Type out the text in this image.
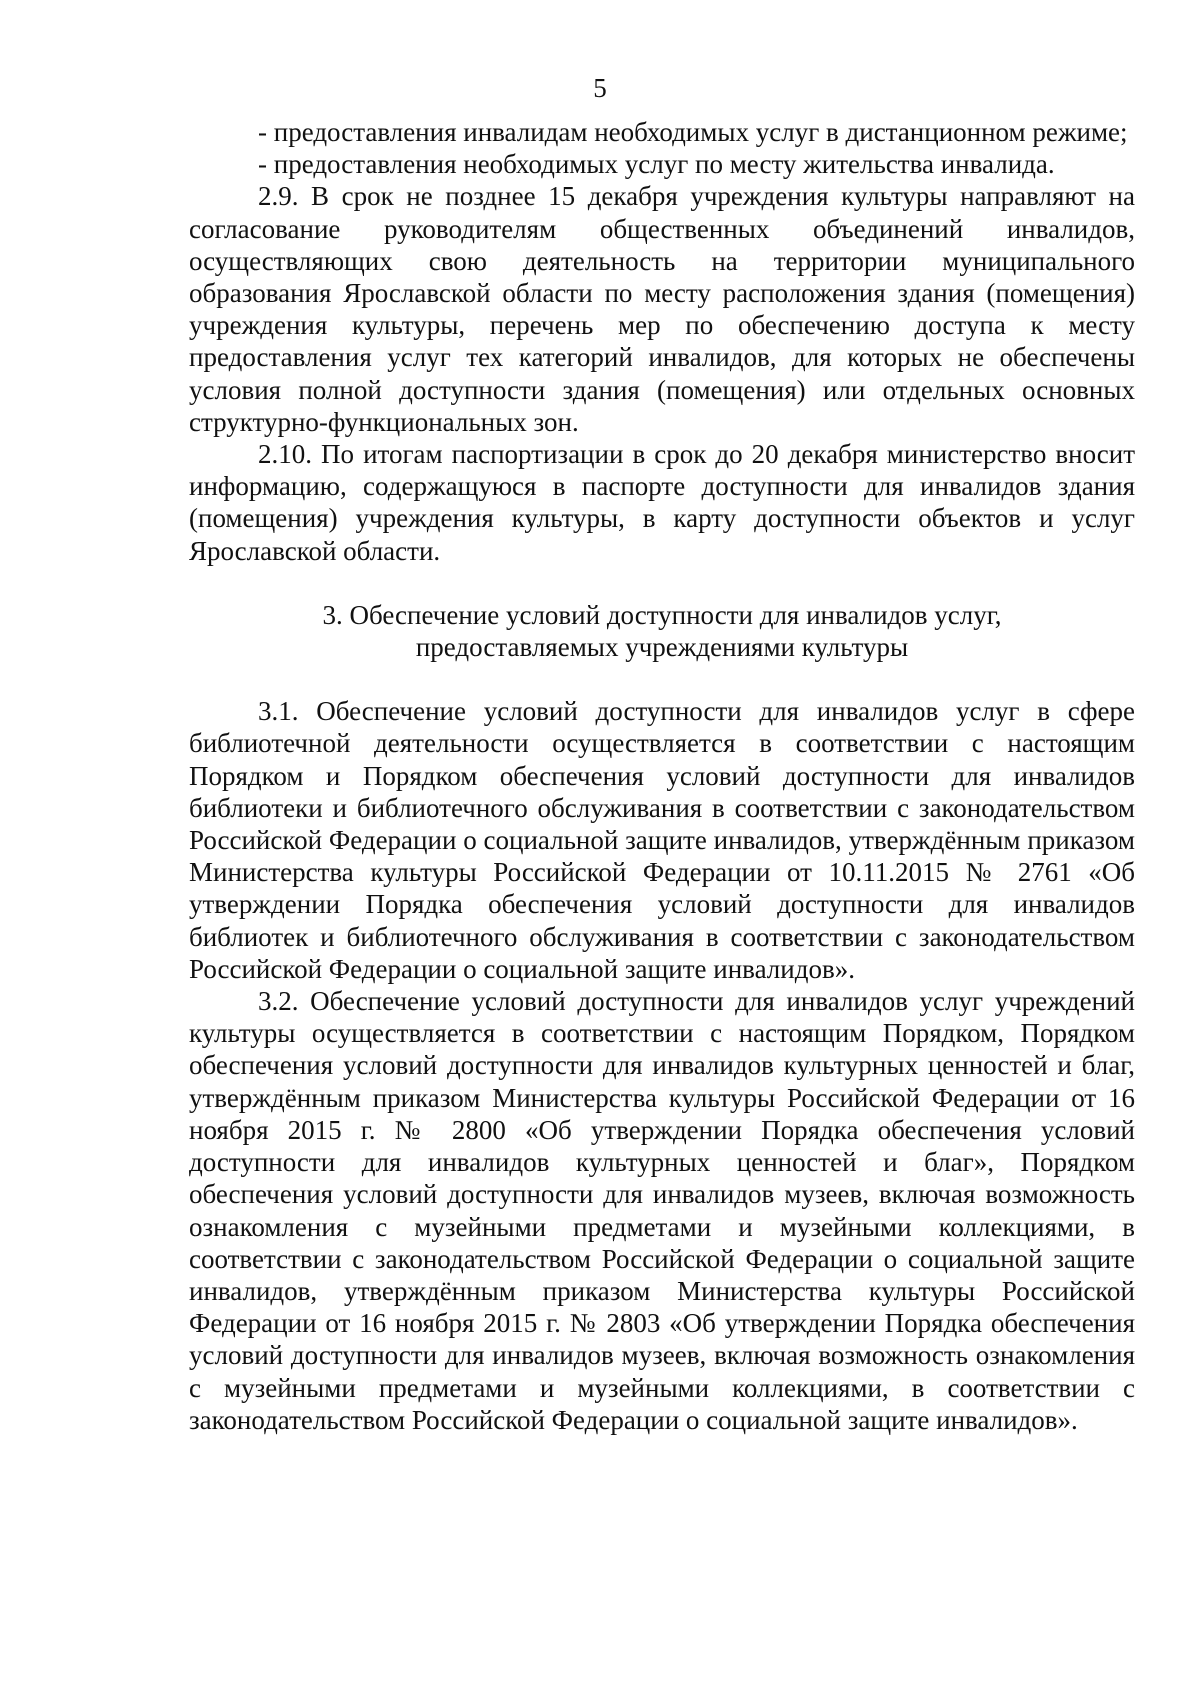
5

- предоставления инвалидам необходимых услуг в дистанционном режиме;

- предоставления необходимых услуг по месту жительства инвалида.

2.9. В срок не позднее 15 декабря учреждения культуры направляют на согласование руководителям общественных объединений инвалидов, осуществляющих свою деятельность на территории муниципального образования Ярославской области по месту расположения здания (помещения) учреждения культуры, перечень мер по обеспечению доступа к месту предоставления услуг тех категорий инвалидов, для которых не обеспечены условия полной доступности здания (помещения) или отдельных основных структурно-функциональных зон.

2.10. По итогам паспортизации в срок до 20 декабря министерство вносит информацию, содержащуюся в паспорте доступности для инвалидов здания (помещения) учреждения культуры, в карту доступности объектов и услуг Ярославской области.

3. Обеспечение условий доступности для инвалидов услуг,
предоставляемых учреждениями культуры

3.1. Обеспечение условий доступности для инвалидов услуг в сфере библиотечной деятельности осуществляется в соответствии с настоящим Порядком и Порядком обеспечения условий доступности для инвалидов библиотеки и библиотечного обслуживания в соответствии с законодательством Российской Федерации о социальной защите инвалидов, утверждённым приказом Министерства культуры Российской Федерации от 10.11.2015 № 2761 «Об утверждении Порядка обеспечения условий доступности для инвалидов библиотек и библиотечного обслуживания в соответствии с законодательством Российской Федерации о социальной защите инвалидов».

3.2. Обеспечение условий доступности для инвалидов услуг учреждений культуры осуществляется в соответствии с настоящим Порядком, Порядком обеспечения условий доступности для инвалидов культурных ценностей и благ, утверждённым приказом Министерства культуры Российской Федерации от 16 ноября 2015 г. № 2800 «Об утверждении Порядка обеспечения условий доступности для инвалидов культурных ценностей и благ», Порядком обеспечения условий доступности для инвалидов музеев, включая возможность ознакомления с музейными предметами и музейными коллекциями, в соответствии с законодательством Российской Федерации о социальной защите инвалидов, утверждённым приказом Министерства культуры Российской Федерации от 16 ноября 2015 г. № 2803 «Об утверждении Порядка обеспечения условий доступности для инвалидов музеев, включая возможность ознакомления с музейными предметами и музейными коллекциями, в соответствии с законодательством Российской Федерации о социальной защите инвалидов».
